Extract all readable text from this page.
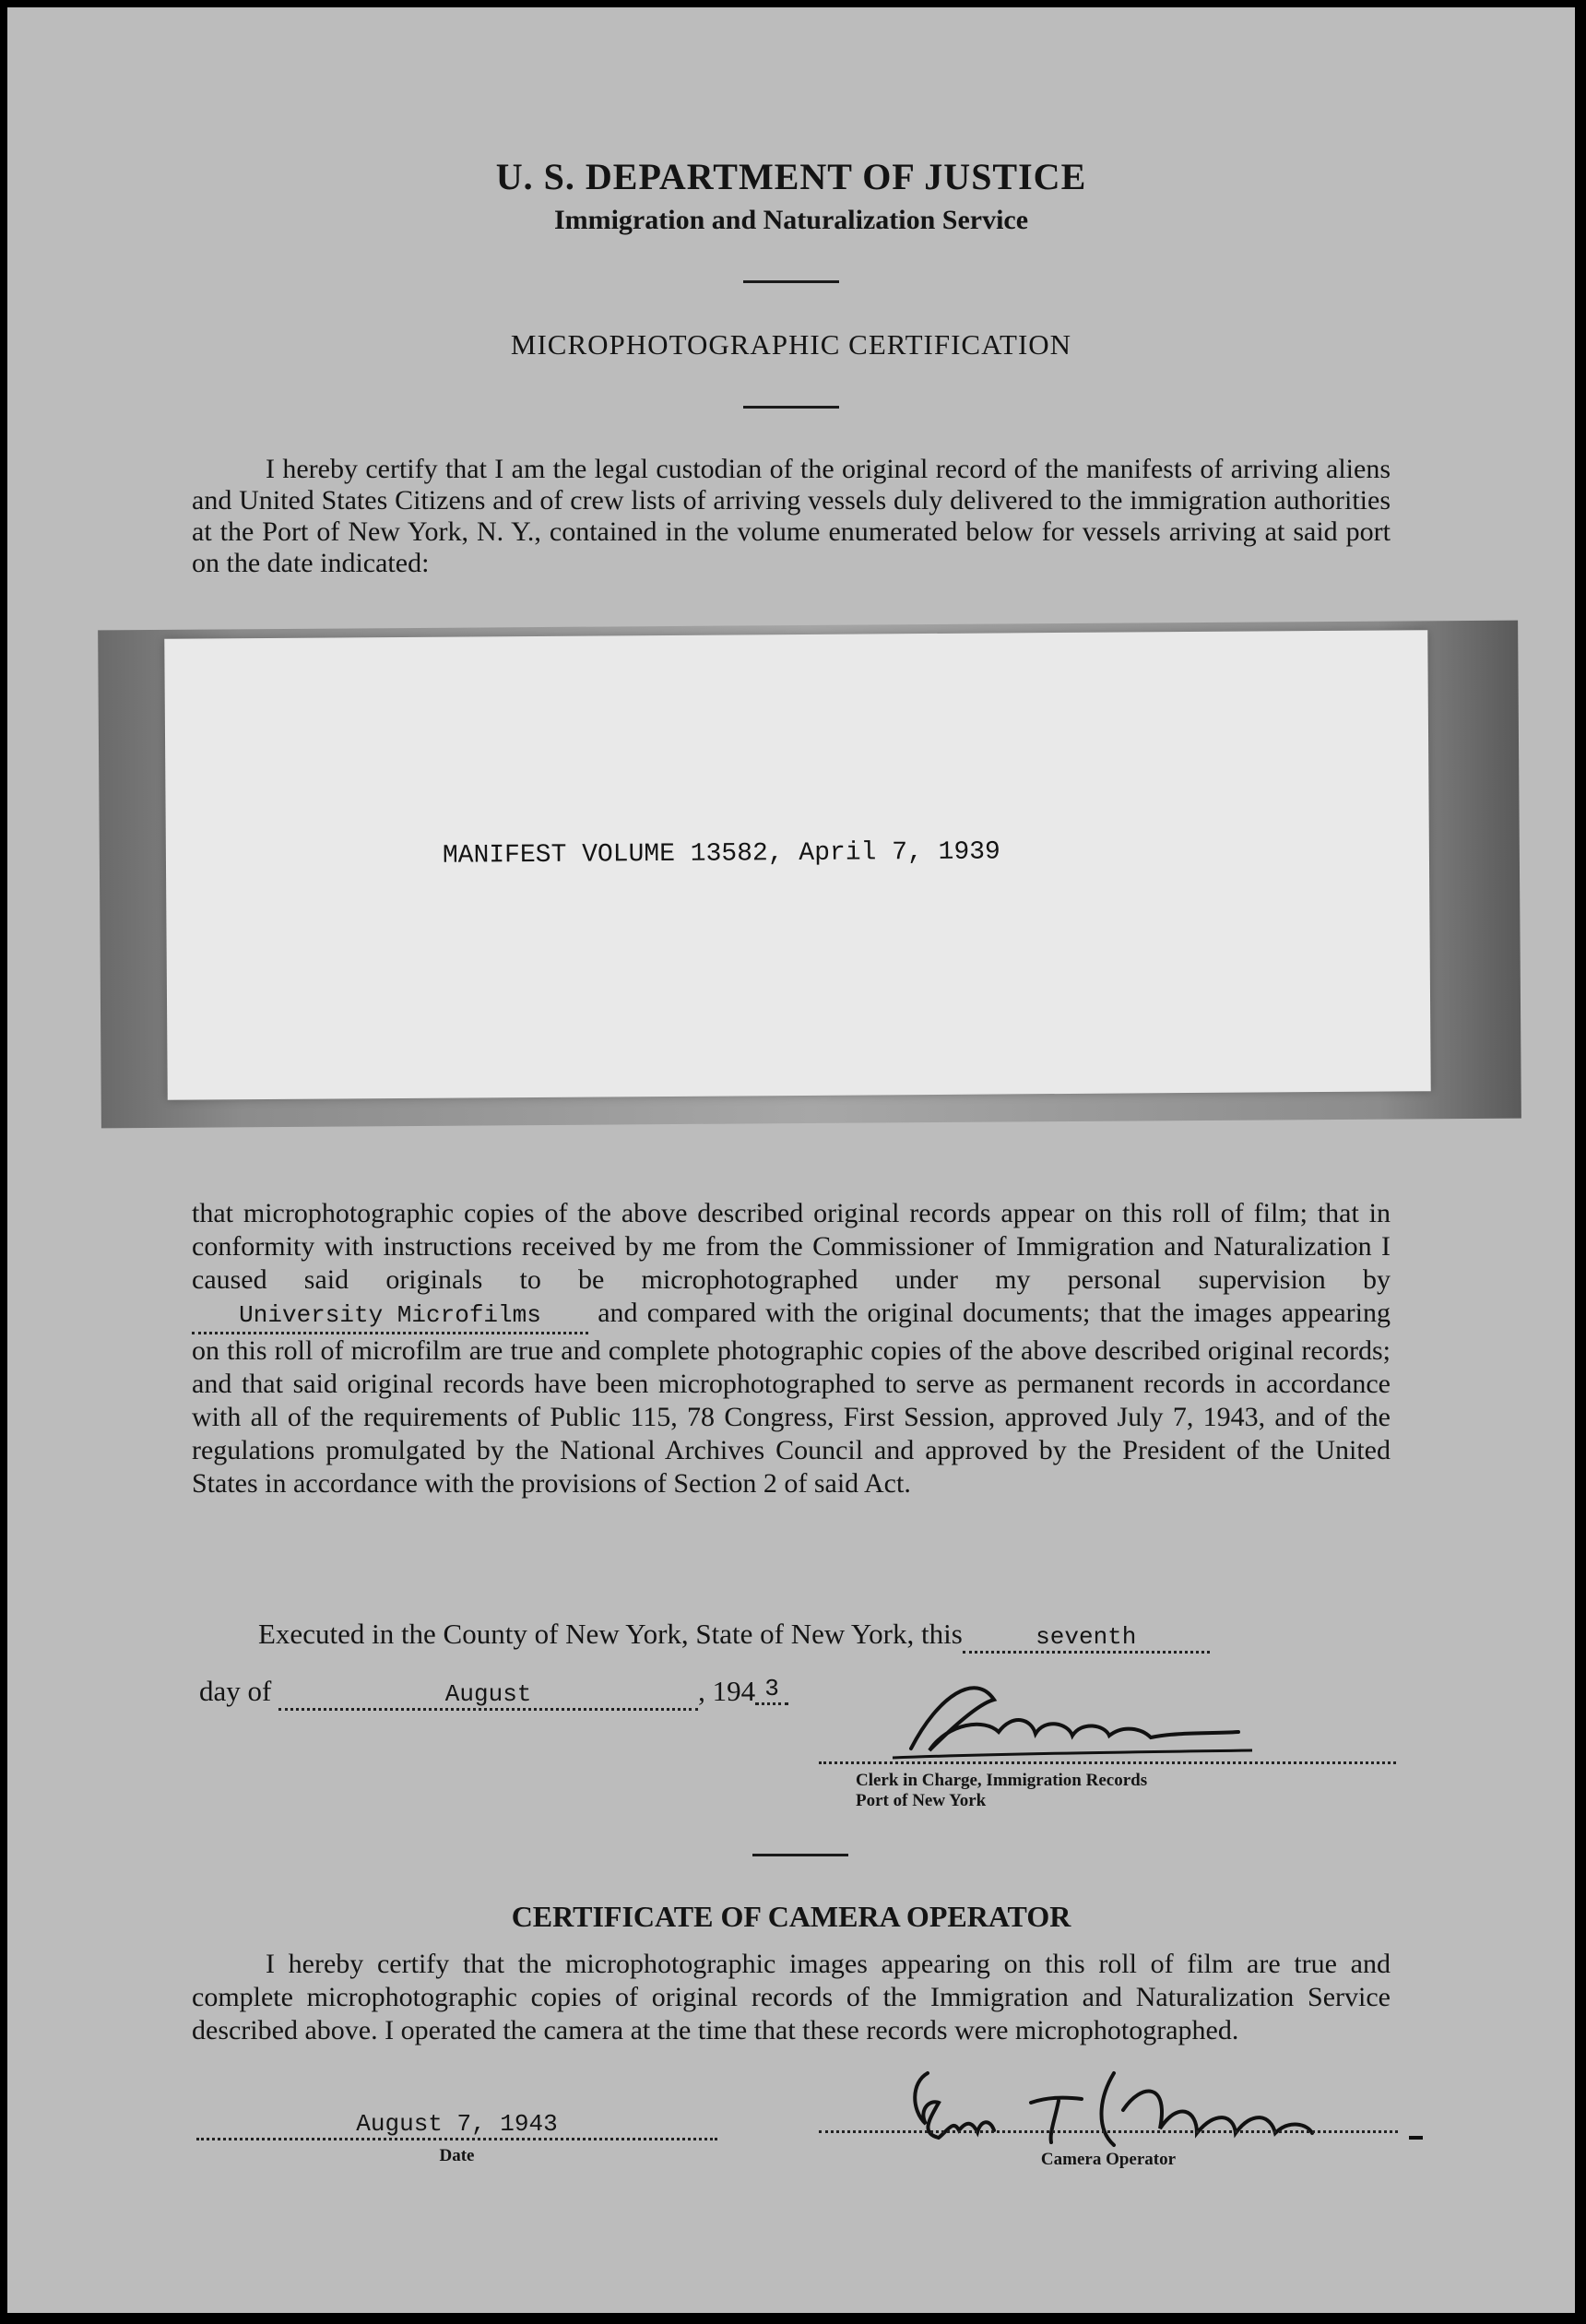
U. S. DEPARTMENT OF JUSTICE
Immigration and Naturalization Service
MICROPHOTOGRAPHIC CERTIFICATION

I hereby certify that I am the legal custodian of the original record of the manifests of arriving aliens and United States Citizens and of crew lists of arriving vessels duly delivered to the immigration authorities at the Port of New York, N. Y., contained in the volume enumerated below for vessels arriving at said port on the date indicated:

MANIFEST VOLUME 13582, April 7, 1939

that microphotographic copies of the above described original records appear on this roll of film; that in conformity with instructions received by me from the Commissioner of Immigration and Naturalization I caused said originals to be microphotographed under my personal supervision by University Microfilms and compared with the original documents; that the images appearing on this roll of microfilm are true and complete photographic copies of the above described original records; and that said original records have been microphotographed to serve as permanent records in accordance with all of the requirements of Public 115, 78 Congress, First Session, approved July 7, 1943, and of the regulations promulgated by the National Archives Council and approved by the President of the United States in accordance with the provisions of Section 2 of said Act.

Executed in the County of New York, State of New York, this	seventh
day of	August	, 194 3
Clerk in Charge, Immigration Records
Port of New York
CERTIFICATE OF CAMERA OPERATOR

I hereby certify that the microphotographic images appearing on this roll of film are true and complete microphotographic copies of original records of the Immigration and Naturalization Service described above. I operated the camera at the time that these records were microphotographed.

August 7, 1943
Date	Camera Operator
